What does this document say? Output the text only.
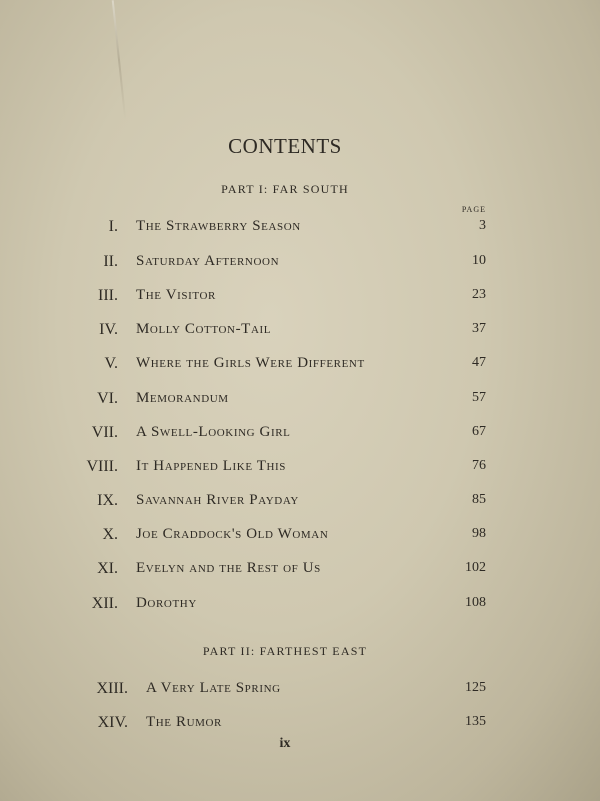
CONTENTS
PART I: FAR SOUTH
PAGE
I. The Strawberry Season	3
II. Saturday Afternoon	10
III. The Visitor	23
IV. Molly Cotton-Tail	37
V. Where the Girls Were Different	47
VI. Memorandum	57
VII. A Swell-Looking Girl	67
VIII. It Happened Like This	76
IX. Savannah River Payday	85
X. Joe Craddock's Old Woman	98
XI. Evelyn and the Rest of Us	102
XII. Dorothy	108
PART II: FARTHEST EAST
XIII. A Very Late Spring	125
XIV. The Rumor	135
ix
